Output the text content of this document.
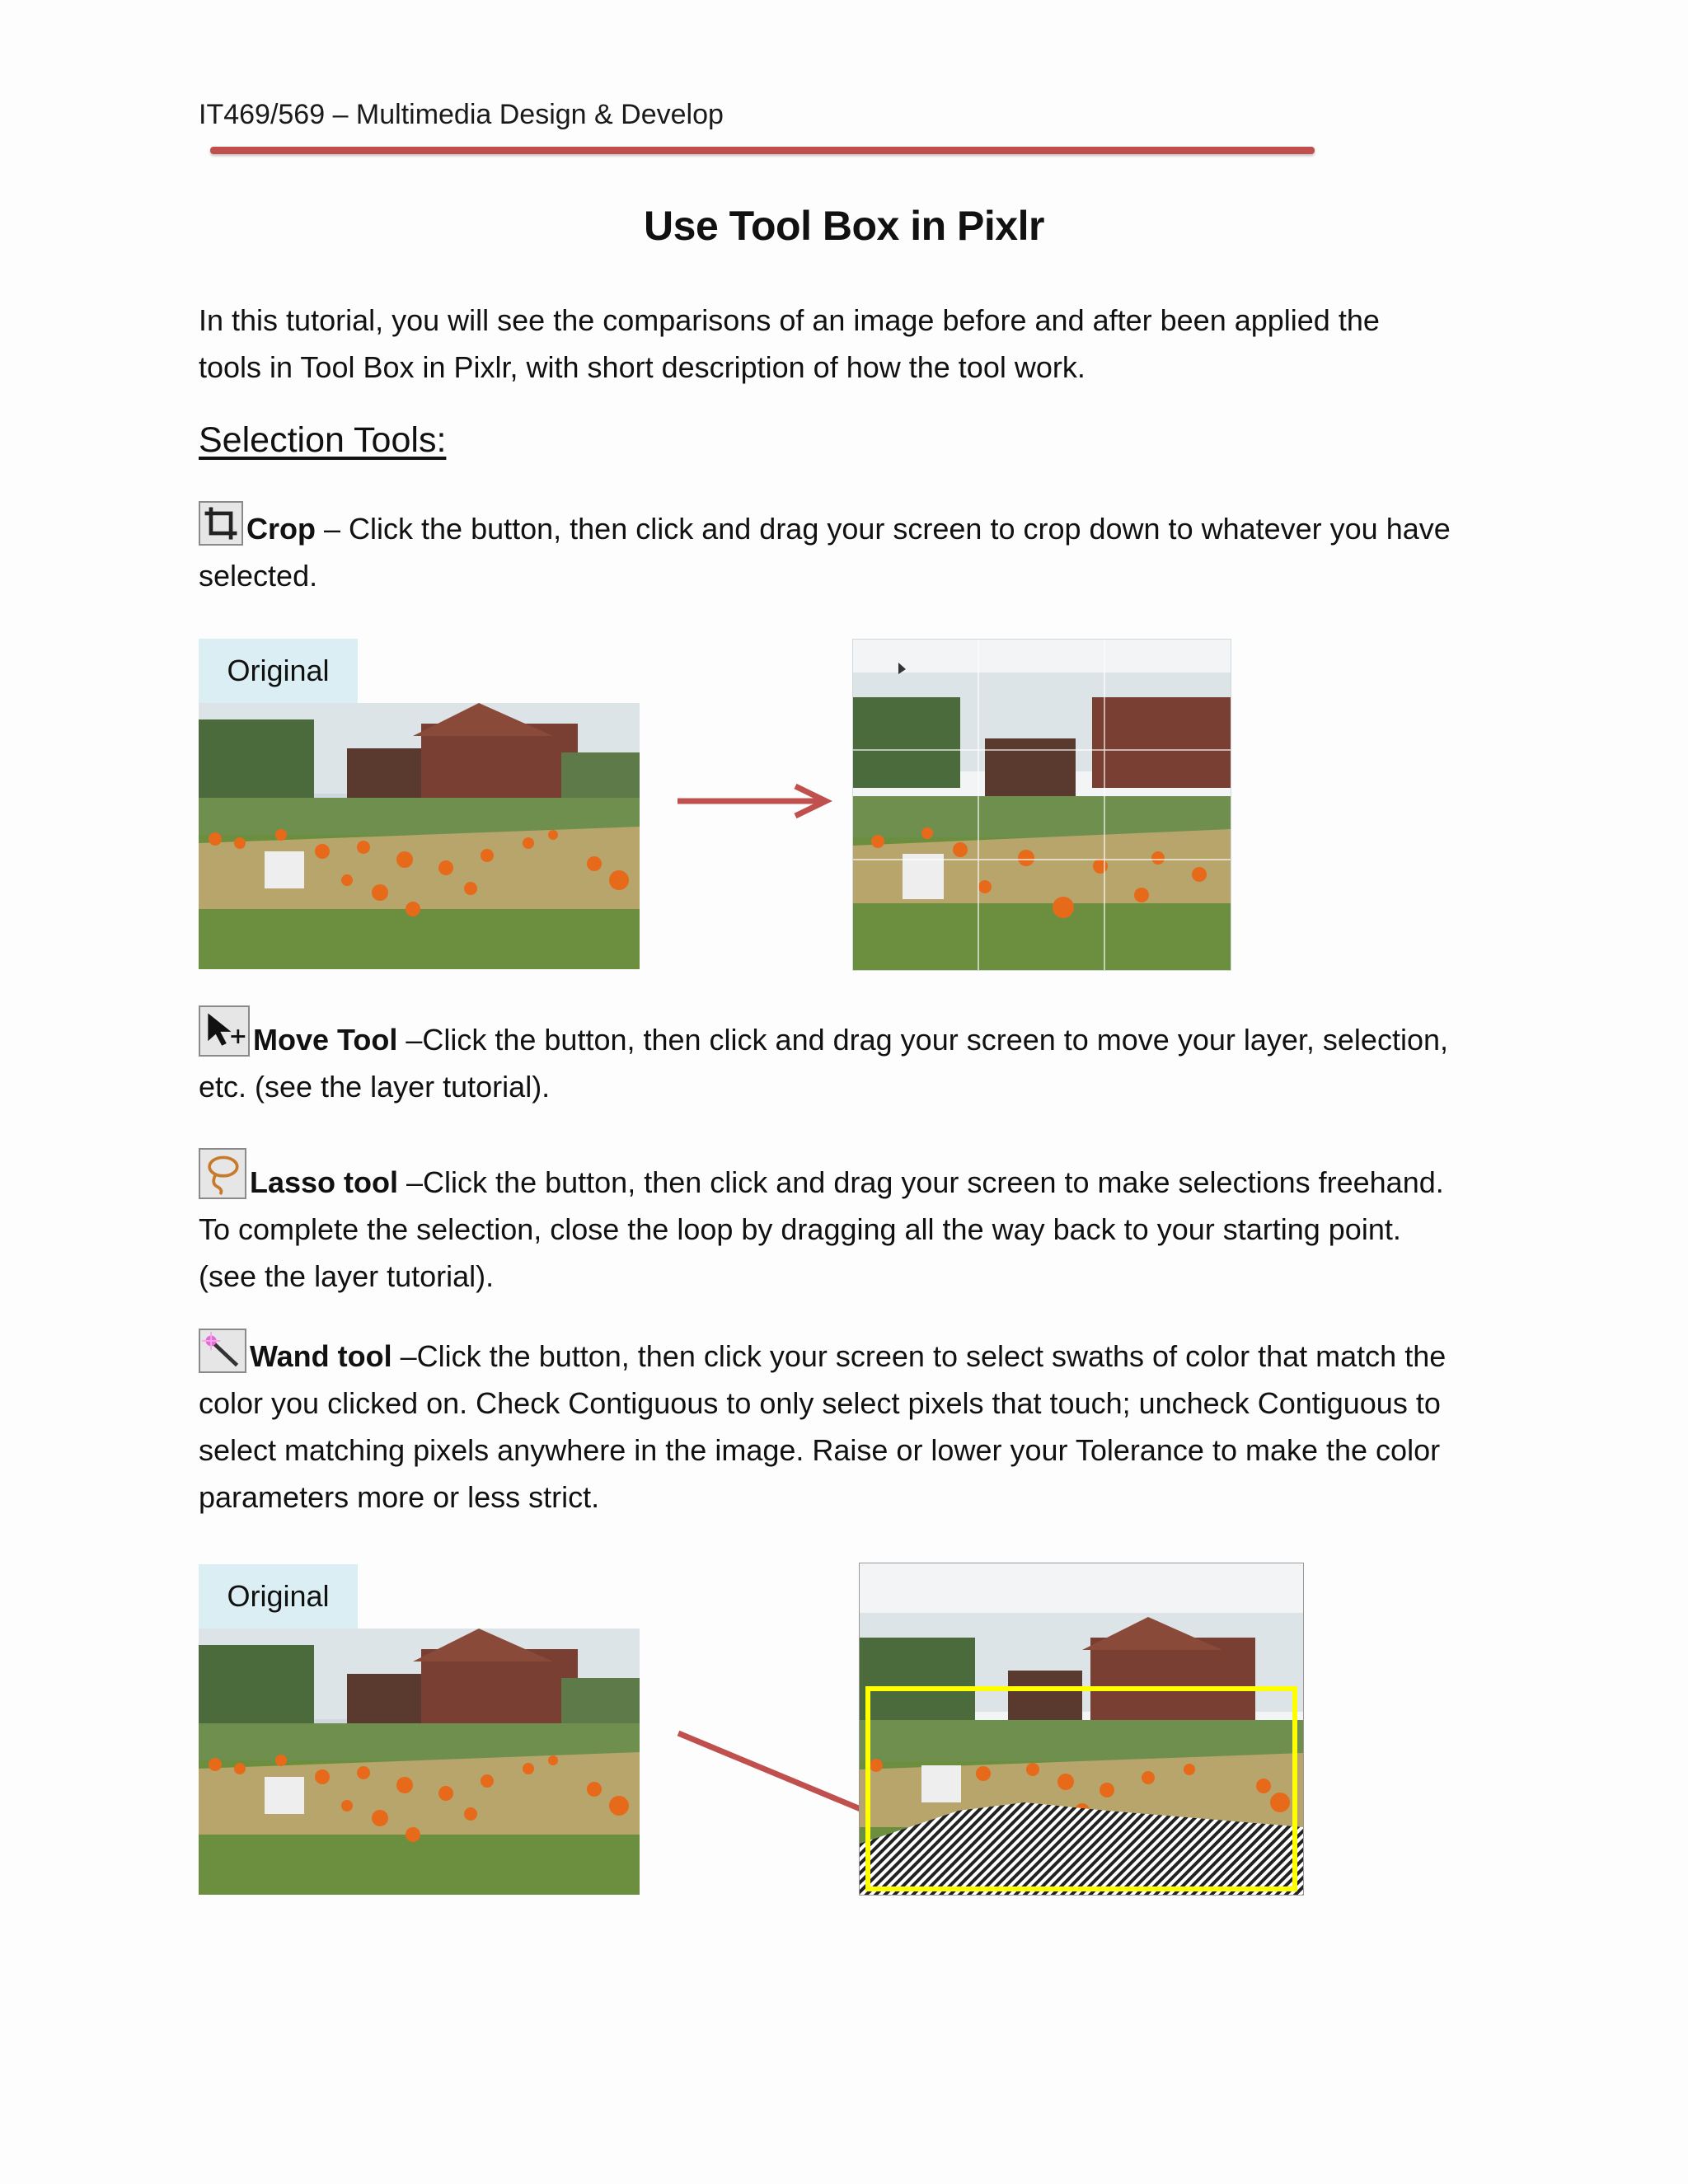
IT469/569 – Multimedia Design & Develop
Use Tool Box in Pixlr
In this tutorial, you will see the comparisons of an image before and after been applied the
tools in Tool Box in Pixlr, with short description of how the tool work.
Selection Tools:
Crop – Click the button, then click and drag your screen to crop down to whatever you have
selected.
Original
Move Tool –Click the button, then click and drag your screen to move your layer, selection,
etc. (see the layer tutorial).
Lasso tool –Click the button, then click and drag your screen to make selections freehand.
To complete the selection, close the loop by dragging all the way back to your starting point.
(see the layer tutorial).
Wand tool –Click the button, then click your screen to select swaths of color that match the
color you clicked on. Check Contiguous to only select pixels that touch; uncheck Contiguous to
select matching pixels anywhere in the image. Raise or lower your Tolerance to make the color
parameters more or less strict.
Original
